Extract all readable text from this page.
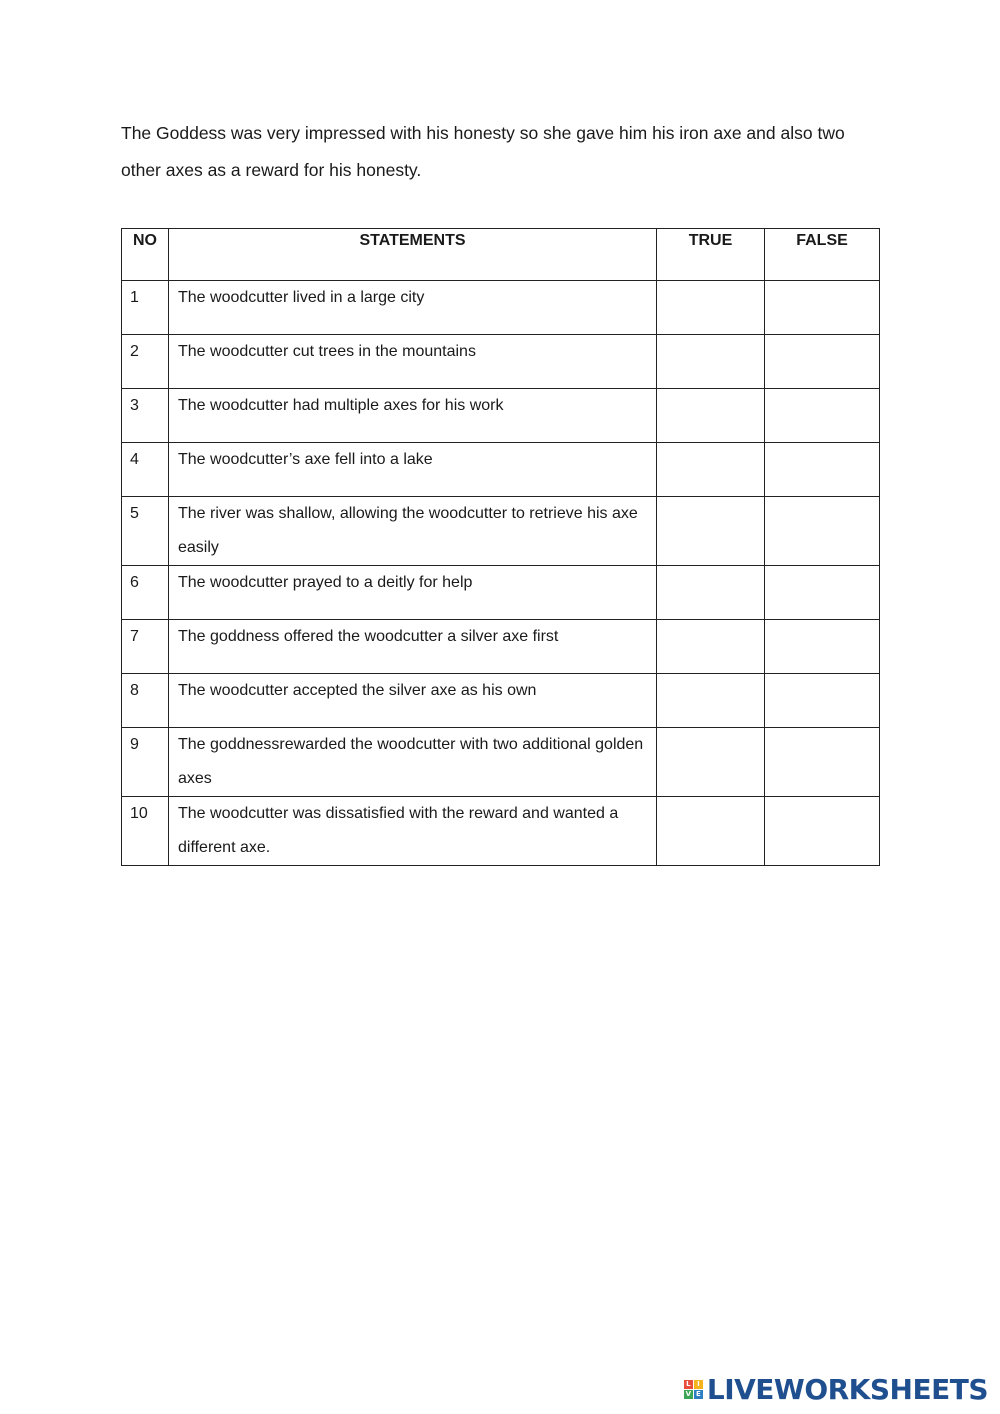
The Goddess was very impressed with his honesty so she gave him his iron axe and also two other axes as a reward for his honesty.

NO	STATEMENTS	TRUE	FALSE
1	The woodcutter lived in a large city		

2	The woodcutter cut trees in the mountains		

3	The woodcutter had multiple axes for his work		

4	The woodcutter’s axe fell into a lake		

5	The river was shallow, allowing the woodcutter to retrieve his axe easily		

6	The woodcutter prayed to a deitly for help		

7	The goddness offered the woodcutter a silver axe first		

8	The woodcutter accepted the silver axe as his own		

9	The goddnessrewarded the woodcutter with two additional golden axes		

10	The woodcutter was dissatisfied with the reward and wanted a different axe.		

L I
V E LIVEWORKSHEETS
